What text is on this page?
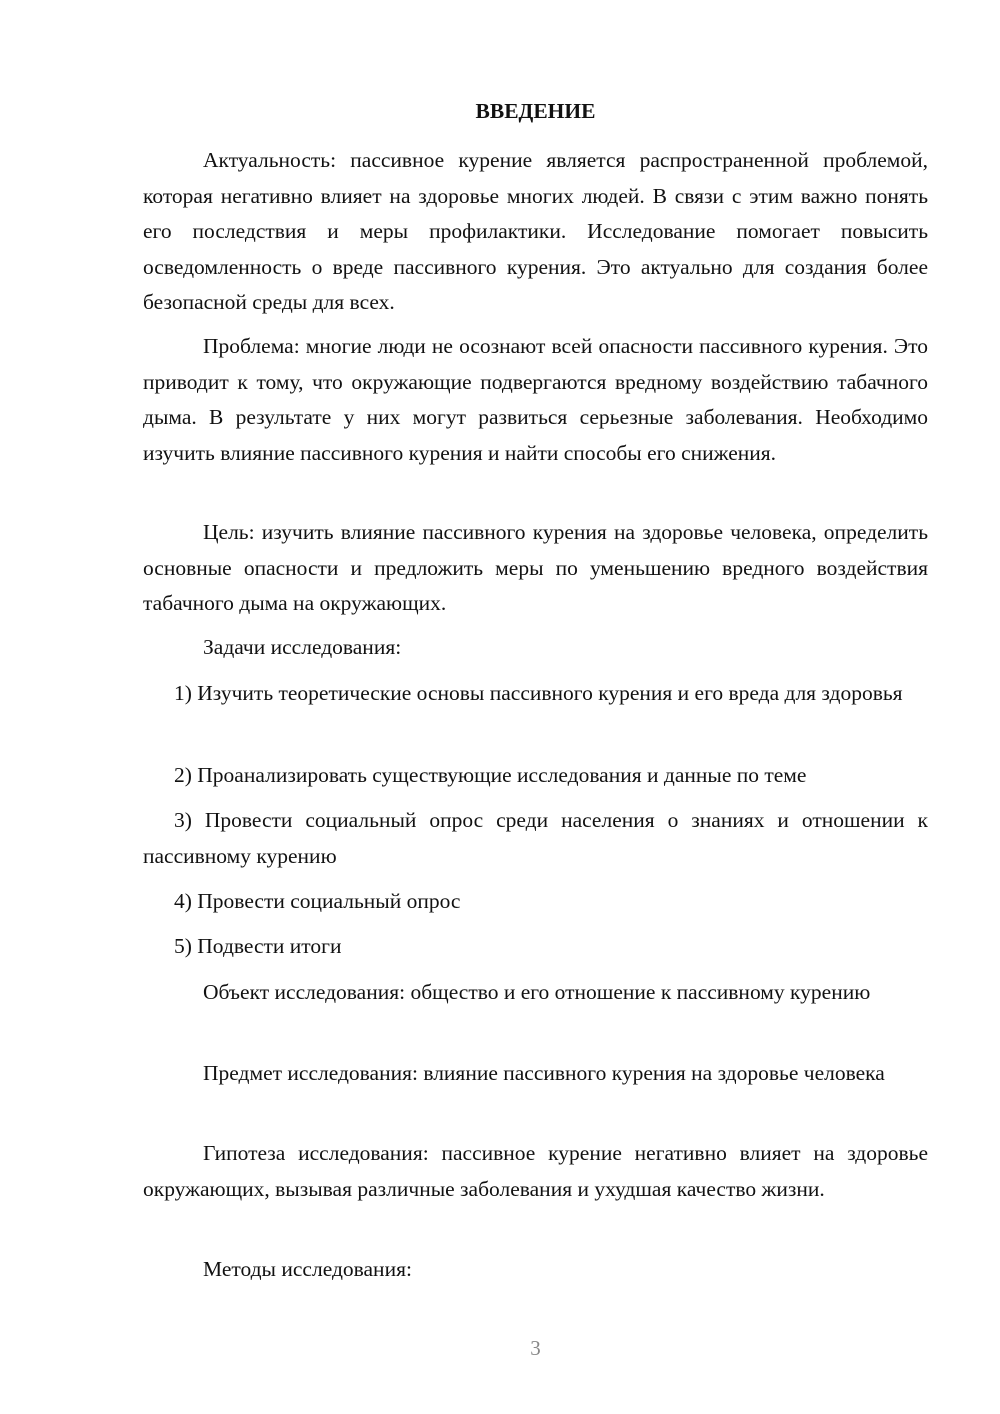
ВВЕДЕНИЕ

Актуальность: пассивное курение является распространенной проблемой, которая негативно влияет на здоровье многих людей. В связи с этим важно понять его последствия и меры профилактики. Исследование помогает повысить осведомленность о вреде пассивного курения. Это актуально для создания более безопасной среды для всех.

Проблема: многие люди не осознают всей опасности пассивного курения. Это приводит к тому, что окружающие подвергаются вредному воздействию табачного дыма. В результате у них могут развиться серьезные заболевания. Необходимо изучить влияние пассивного курения и найти способы его снижения.

Цель: изучить влияние пассивного курения на здоровье человека, определить основные опасности и предложить меры по уменьшению вредного воздействия табачного дыма на окружающих.

Задачи исследования:

1) Изучить теоретические основы пассивного курения и его вреда для здоровья

2) Проанализировать существующие исследования и данные по теме

3) Провести социальный опрос среди населения о знаниях и отношении к пассивному курению

4) Провести социальный опрос

5) Подвести итоги

Объект исследования: общество и его отношение к пассивному курению

Предмет исследования: влияние пассивного курения на здоровье человека

Гипотеза исследования: пассивное курение негативно влияет на здоровье окружающих, вызывая различные заболевания и ухудшая качество жизни.

Методы исследования:

3
